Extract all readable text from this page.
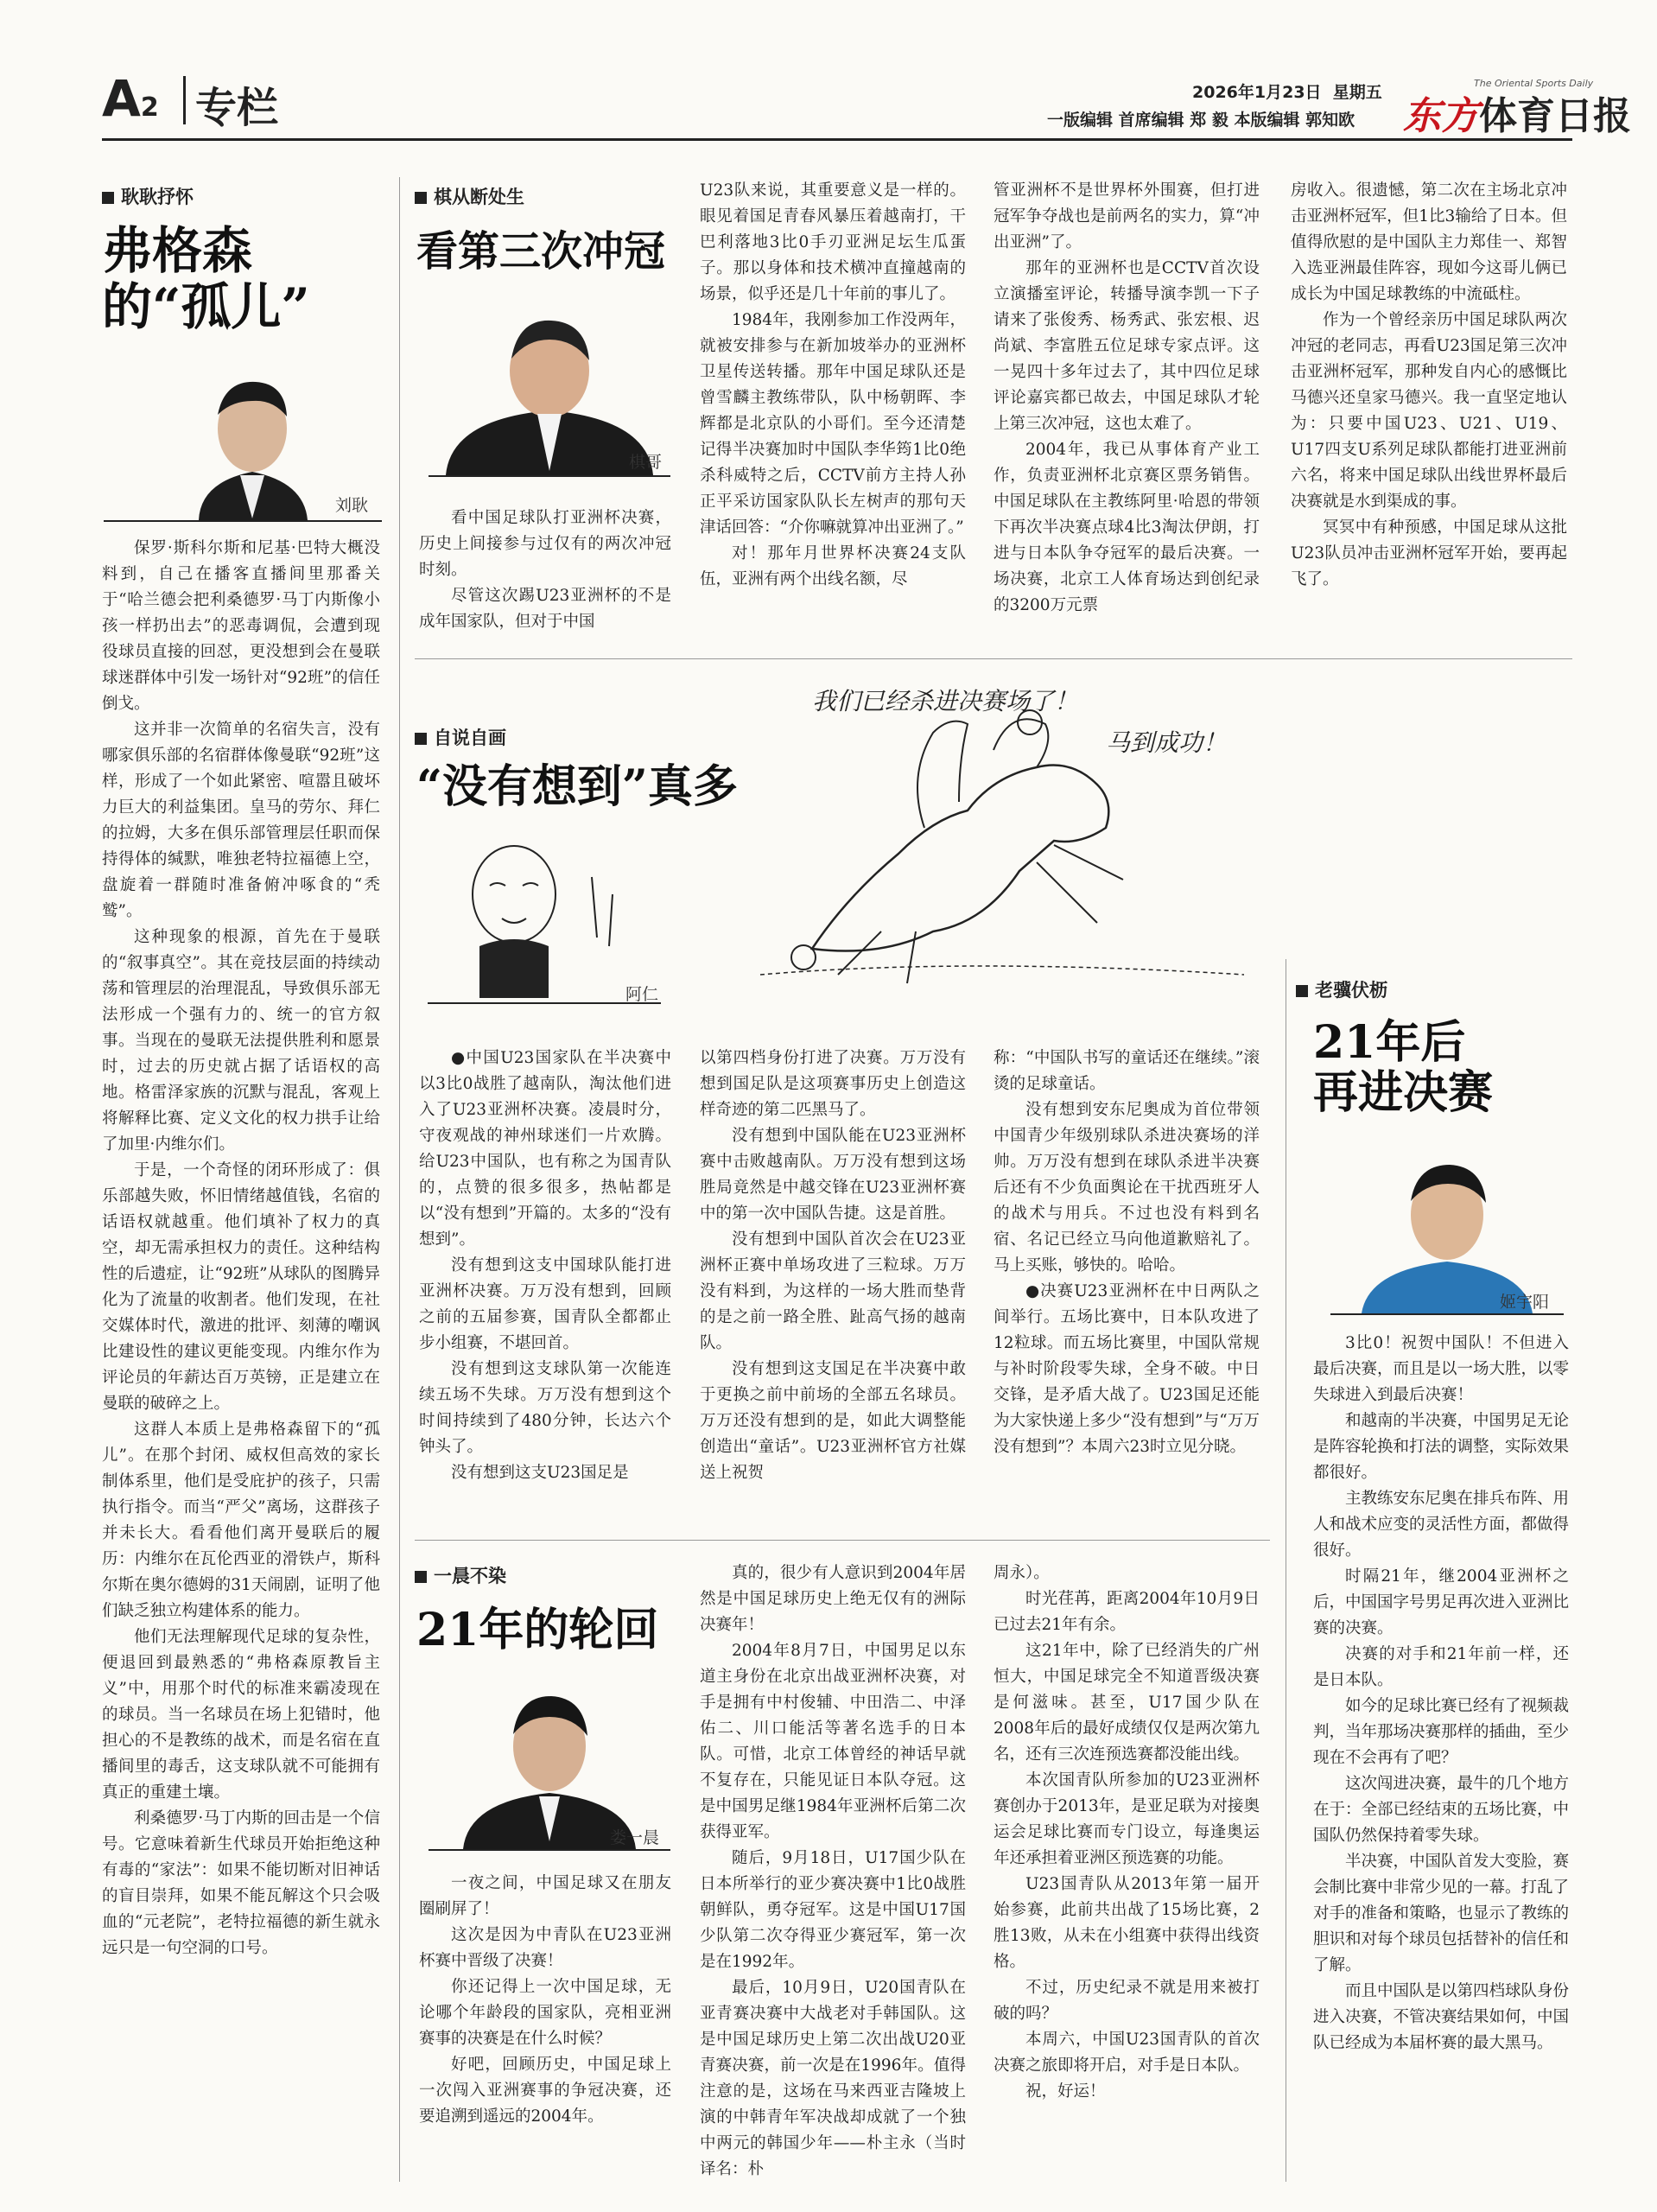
A2 专栏	2026年1月23日 星期五
一版编辑 首席编辑 郑 毅 本版编辑 郭知欧
The Oriental Sports Daily
东方体育日报
耿耿抒怀
弗格森
的“孤儿”
刘耿

保罗·斯科尔斯和尼基·巴特大概没料到，自己在播客直播间里那番关于“哈兰德会把利桑德罗·马丁内斯像小孩一样扔出去”的恶毒调侃，会遭到现役球员直接的回怼，更没想到会在曼联球迷群体中引发一场针对“92班”的信任倒戈。

这并非一次简单的名宿失言，没有哪家俱乐部的名宿群体像曼联“92班”这样，形成了一个如此紧密、喧嚣且破坏力巨大的利益集团。皇马的劳尔、拜仁的拉姆，大多在俱乐部管理层任职而保持得体的缄默，唯独老特拉福德上空，盘旋着一群随时准备俯冲啄食的“秃鹫”。

这种现象的根源，首先在于曼联的“叙事真空”。其在竞技层面的持续动荡和管理层的治理混乱，导致俱乐部无法形成一个强有力的、统一的官方叙事。当现在的曼联无法提供胜利和愿景时，过去的历史就占据了话语权的高地。格雷泽家族的沉默与混乱，客观上将解释比赛、定义文化的权力拱手让给了加里·内维尔们。

于是，一个奇怪的闭环形成了：俱乐部越失败，怀旧情绪越值钱，名宿的话语权就越重。他们填补了权力的真空，却无需承担权力的责任。这种结构性的后遗症，让“92班”从球队的图腾异化为了流量的收割者。他们发现，在社交媒体时代，激进的批评、刻薄的嘲讽比建设性的建议更能变现。内维尔作为评论员的年薪达百万英镑，正是建立在曼联的破碎之上。

这群人本质上是弗格森留下的“孤儿”。在那个封闭、威权但高效的家长制体系里，他们是受庇护的孩子，只需执行指令。而当“严父”离场，这群孩子并未长大。看看他们离开曼联后的履历：内维尔在瓦伦西亚的滑铁卢，斯科尔斯在奥尔德姆的31天闹剧，证明了他们缺乏独立构建体系的能力。

他们无法理解现代足球的复杂性，便退回到最熟悉的“弗格森原教旨主义”中，用那个时代的标准来霸凌现在的球员。当一名球员在场上犯错时，他担心的不是教练的战术，而是名宿在直播间里的毒舌，这支球队就不可能拥有真正的重建土壤。

利桑德罗·马丁内斯的回击是一个信号。它意味着新生代球员开始拒绝这种有毒的“家法”：如果不能切断对旧神话的盲目崇拜，如果不能瓦解这个只会吸血的“元老院”，老特拉福德的新生就永远只是一句空洞的口号。

棋从断处生
看第三次冲冠
棋哥

看中国足球队打亚洲杯决赛，历史上间接参与过仅有的两次冲冠时刻。

尽管这次踢U23亚洲杯的不是成年国家队，但对于中国

U23队来说，其重要意义是一样的。眼见着国足青春风暴压着越南打，干巴利落地3比0手刃亚洲足坛生瓜蛋子。那以身体和技术横冲直撞越南的场景，似乎还是几十年前的事儿了。

1984年，我刚参加工作没两年，就被安排参与在新加坡举办的亚洲杯卫星传送转播。那年中国足球队还是曾雪麟主教练带队，队中杨朝晖、李辉都是北京队的小哥们。至今还清楚记得半决赛加时中国队李华筠1比0绝杀科威特之后，CCTV前方主持人孙正平采访国家队队长左树声的那句天津话回答：“介你嘛就算冲出亚洲了。”

对！那年月世界杯决赛24支队伍，亚洲有两个出线名额，尽

管亚洲杯不是世界杯外围赛，但打进冠军争夺战也是前两名的实力，算“冲出亚洲”了。

那年的亚洲杯也是CCTV首次设立演播室评论，转播导演李凯一下子请来了张俊秀、杨秀武、张宏根、迟尚斌、李富胜五位足球专家点评。这一晃四十多年过去了，其中四位足球评论嘉宾都已故去，中国足球队才轮上第三次冲冠，这也太难了。

2004年，我已从事体育产业工作，负责亚洲杯北京赛区票务销售。中国足球队在主教练阿里·哈恩的带领下再次半决赛点球4比3淘汰伊朗，打进与日本队争夺冠军的最后决赛。一场决赛，北京工人体育场达到创纪录的3200万元票

房收入。很遗憾，第二次在主场北京冲击亚洲杯冠军，但1比3输给了日本。但值得欣慰的是中国队主力郑佳一、郑智入选亚洲最佳阵容，现如今这哥儿俩已成长为中国足球教练的中流砥柱。

作为一个曾经亲历中国足球队两次冲冠的老同志，再看U23国足第三次冲击亚洲杯冠军，那种发自内心的感慨比马德兴还皇家马德兴。我一直坚定地认为：只要中国U23、U21、U19、U17四支U系列足球队都能打进亚洲前六名，将来中国足球队出线世界杯最后决赛就是水到渠成的事。

冥冥中有种预感，中国足球从这批U23队员冲击亚洲杯冠军开始，要再起飞了。

自说自画
“没有想到”真多
阿仁
我们已经杀进决赛场了！
马到成功！

●中国U23国家队在半决赛中以3比0战胜了越南队，淘汰他们进入了U23亚洲杯决赛。凌晨时分，守夜观战的神州球迷们一片欢腾。给U23中国队，也有称之为国青队的，点赞的很多很多，热帖都是以“没有想到”开篇的。太多的“没有想到”。

没有想到这支中国球队能打进亚洲杯决赛。万万没有想到，回顾之前的五届参赛，国青队全都都止步小组赛，不堪回首。

没有想到这支球队第一次能连续五场不失球。万万没有想到这个时间持续到了480分钟，长达六个钟头了。

没有想到这支U23国足是

以第四档身份打进了决赛。万万没有想到国足队是这项赛事历史上创造这样奇迹的第二匹黑马了。

没有想到中国队能在U23亚洲杯赛中击败越南队。万万没有想到这场胜局竟然是中越交锋在U23亚洲杯赛中的第一次中国队告捷。这是首胜。

没有想到中国队首次会在U23亚洲杯正赛中单场攻进了三粒球。万万没有料到，为这样的一场大胜而垫背的是之前一路全胜、趾高气扬的越南队。

没有想到这支国足在半决赛中敢于更换之前中前场的全部五名球员。万万还没有想到的是，如此大调整能创造出“童话”。U23亚洲杯官方社媒送上祝贺

称：“中国队书写的童话还在继续。”滚烫的足球童话。

没有想到安东尼奥成为首位带领中国青少年级别球队杀进决赛场的洋帅。万万没有想到在球队杀进半决赛后还有不少负面舆论在干扰西班牙人的战术与用兵。不过也没有料到名宿、名记已经立马向他道歉赔礼了。马上买账，够快的。哈哈。

●决赛U23亚洲杯在中日两队之间举行。五场比赛中，日本队攻进了12粒球。而五场比赛里，中国队常规与补时阶段零失球，全身不破。中日交锋，是矛盾大战了。U23国足还能为大家快递上多少“没有想到”与“万万没有想到”？本周六23时立见分晓。

一晨不染
21年的轮回
娄一晨

一夜之间，中国足球又在朋友圈刷屏了！

这次是因为中青队在U23亚洲杯赛中晋级了决赛！

你还记得上一次中国足球，无论哪个年龄段的国家队，亮相亚洲赛事的决赛是在什么时候？

好吧，回顾历史，中国足球上一次闯入亚洲赛事的争冠决赛，还要追溯到遥远的2004年。

真的，很少有人意识到2004年居然是中国足球历史上绝无仅有的洲际决赛年！

2004年8月7日，中国男足以东道主身份在北京出战亚洲杯决赛，对手是拥有中村俊辅、中田浩二、中泽佑二、川口能活等著名选手的日本队。可惜，北京工体曾经的神话早就不复存在，只能见证日本队夺冠。这是中国男足继1984年亚洲杯后第二次获得亚军。

随后，9月18日，U17国少队在日本所举行的亚少赛决赛中1比0战胜朝鲜队，勇夺冠军。这是中国U17国少队第二次夺得亚少赛冠军，第一次是在1992年。

最后，10月9日，U20国青队在亚青赛决赛中大战老对手韩国队。这是中国足球历史上第二次出战U20亚青赛决赛，前一次是在1996年。值得注意的是，这场在马来西亚吉隆坡上演的中韩青年军决战却成就了一个独中两元的韩国少年——朴主永（当时译名：朴

周永）。

时光荏苒，距离2004年10月9日已过去21年有余。

这21年中，除了已经消失的广州恒大，中国足球完全不知道晋级决赛是何滋味。甚至，U17国少队在2008年后的最好成绩仅仅是两次第九名，还有三次连预选赛都没能出线。

本次国青队所参加的U23亚洲杯赛创办于2013年，是亚足联为对接奥运会足球比赛而专门设立，每逢奥运年还承担着亚洲区预选赛的功能。

U23国青队从2013年第一届开始参赛，此前共出战了15场比赛，2胜13败，从未在小组赛中获得出线资格。

不过，历史纪录不就是用来被打破的吗？

本周六，中国U23国青队的首次决赛之旅即将开启，对手是日本队。

祝，好运！

老骥伏枥
21年后
再进决赛
姬宇阳

3比0！祝贺中国队！不但进入最后决赛，而且是以一场大胜，以零失球进入到最后决赛！

和越南的半决赛，中国男足无论是阵容轮换和打法的调整，实际效果都很好。

主教练安东尼奥在排兵布阵、用人和战术应变的灵活性方面，都做得很好。

时隔21年，继2004亚洲杯之后，中国国字号男足再次进入亚洲比赛的决赛。

决赛的对手和21年前一样，还是日本队。

如今的足球比赛已经有了视频裁判，当年那场决赛那样的插曲，至少现在不会再有了吧？

这次闯进决赛，最牛的几个地方在于：全部已经结束的五场比赛，中国队仍然保持着零失球。

半决赛，中国队首发大变脸，赛会制比赛中非常少见的一幕。打乱了对手的准备和策略，也显示了教练的胆识和对每个球员包括替补的信任和了解。

而且中国队是以第四档球队身份进入决赛，不管决赛结果如何，中国队已经成为本届杯赛的最大黑马。
